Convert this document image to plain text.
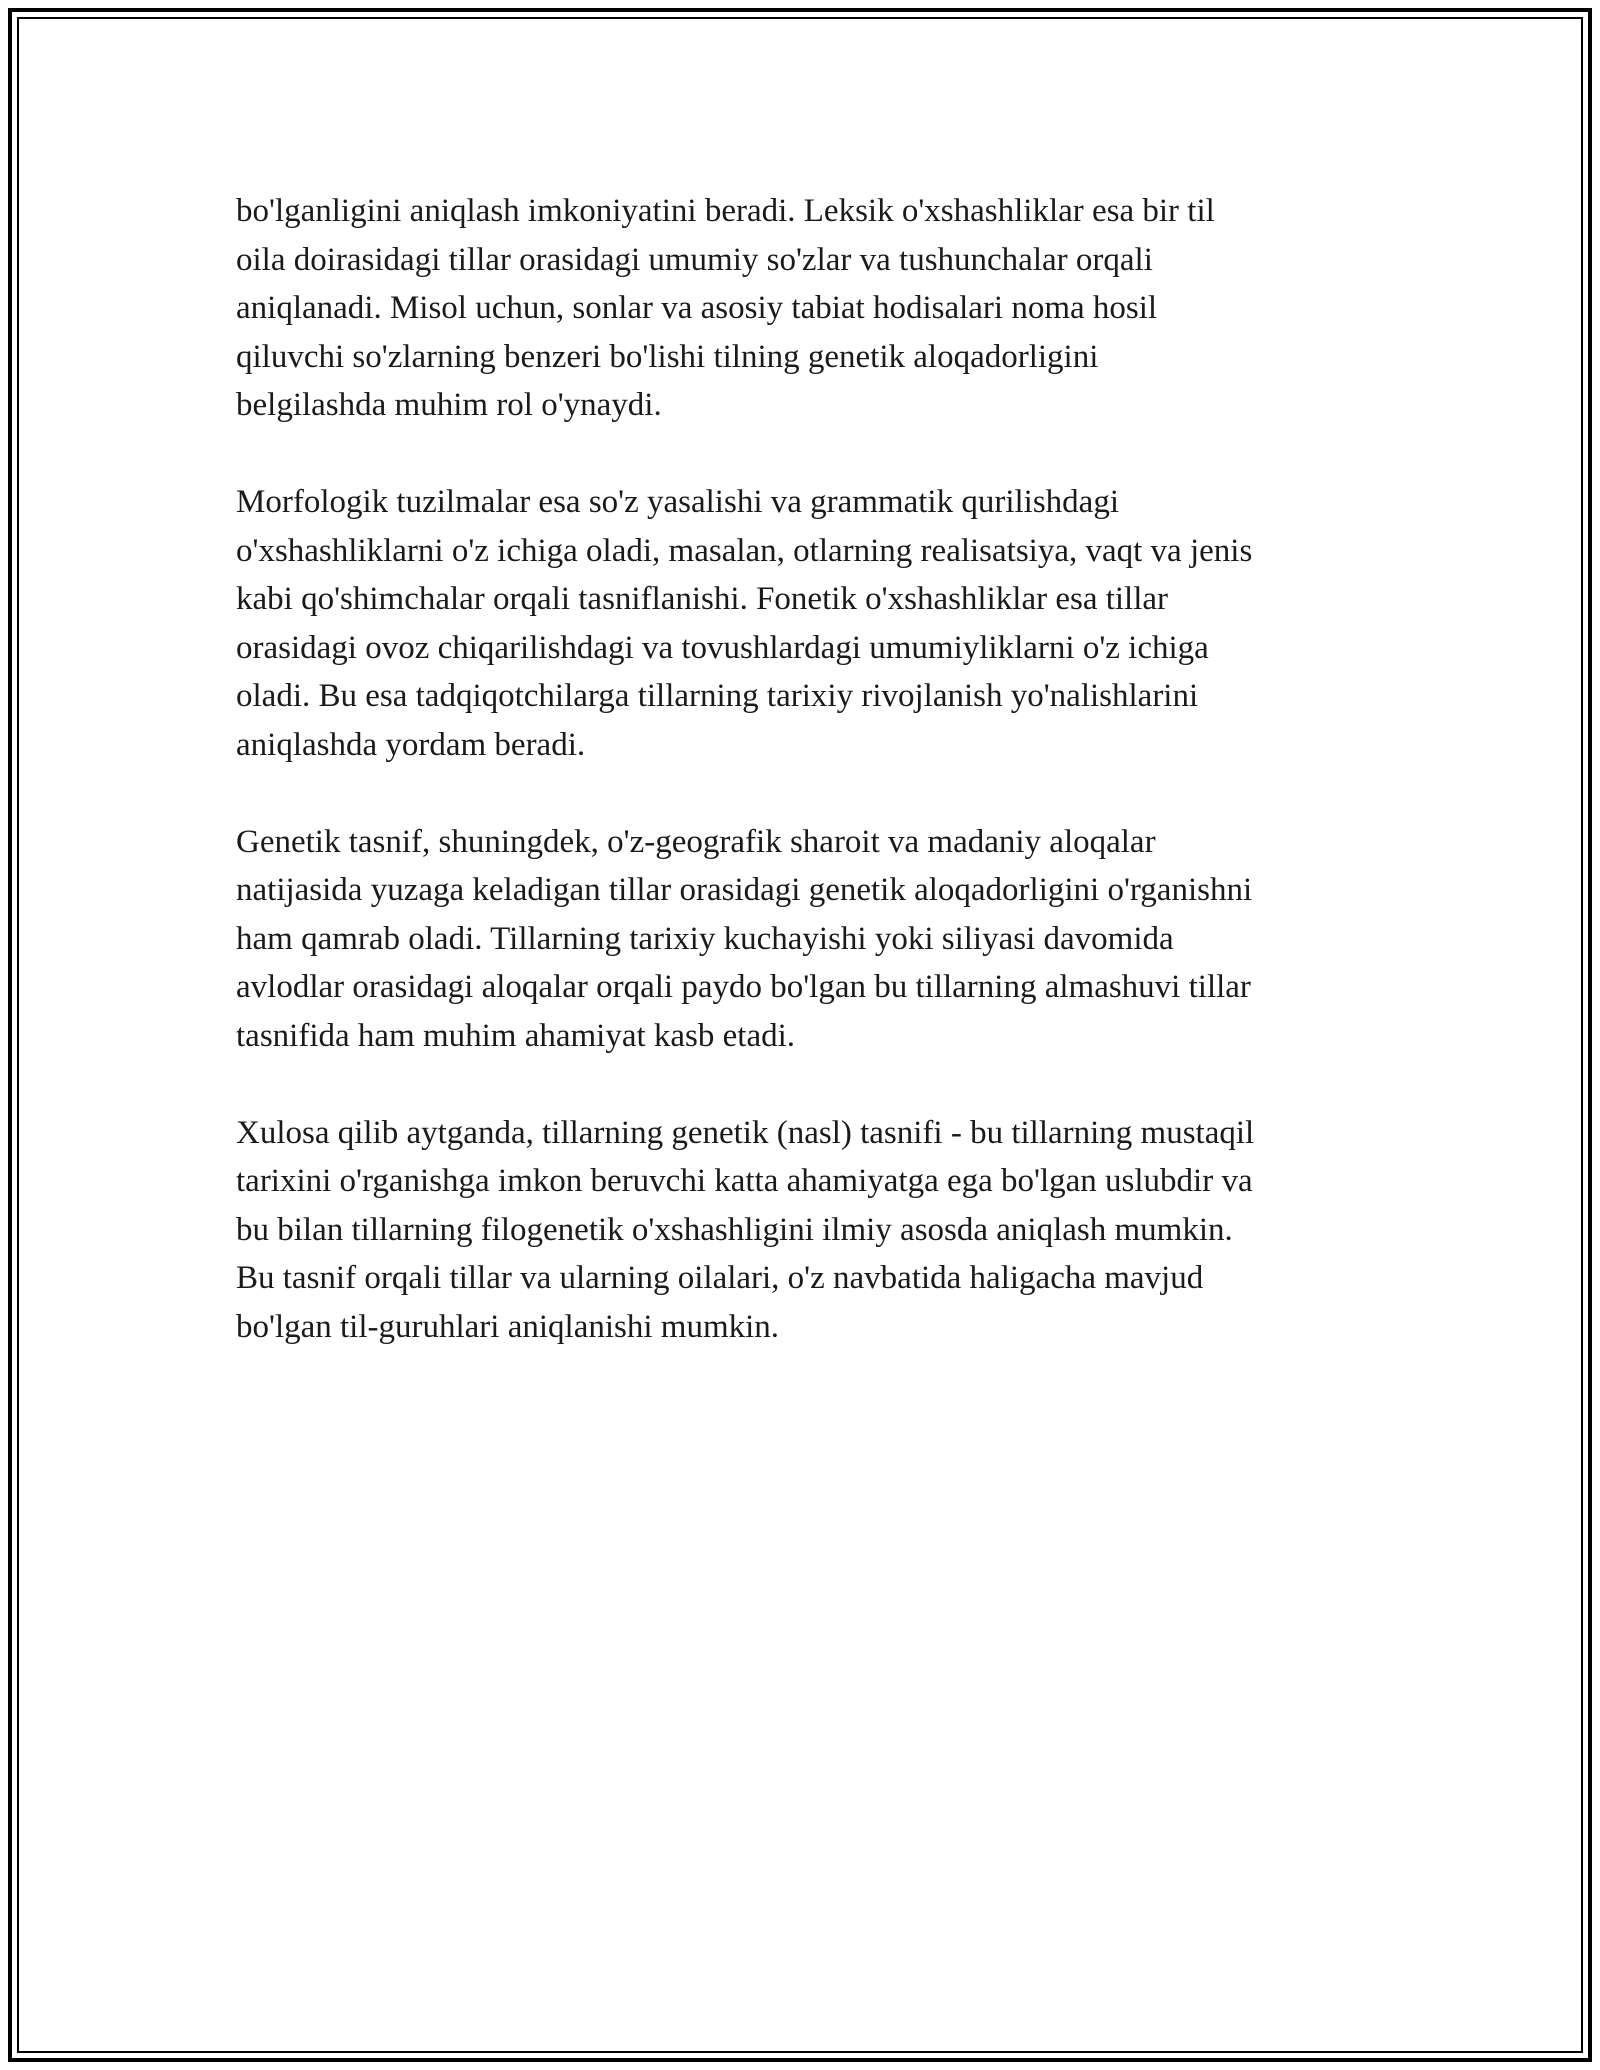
bo'lganligini aniqlash imkoniyatini beradi. Leksik o'xshashliklar esa bir til
oila doirasidagi tillar orasidagi umumiy so'zlar va tushunchalar orqali
aniqlanadi. Misol uchun, sonlar va asosiy tabiat hodisalari noma hosil
qiluvchi so'zlarning benzeri bo'lishi tilning genetik aloqadorligini
belgilashda muhim rol o'ynaydi.

Morfologik tuzilmalar esa so'z yasalishi va grammatik qurilishdagi
o'xshashliklarni o'z ichiga oladi, masalan, otlarning realisatsiya, vaqt va jenis
kabi qo'shimchalar orqali tasniflanishi. Fonetik o'xshashliklar esa tillar
orasidagi ovoz chiqarilishdagi va tovushlardagi umumiyliklarni o'z ichiga
oladi. Bu esa tadqiqotchilarga tillarning tarixiy rivojlanish yo'nalishlarini
aniqlashda yordam beradi.

Genetik tasnif, shuningdek, o'z-geografik sharoit va madaniy aloqalar
natijasida yuzaga keladigan tillar orasidagi genetik aloqadorligini o'rganishni
ham qamrab oladi. Tillarning tarixiy kuchayishi yoki siliyasi davomida
avlodlar orasidagi aloqalar orqali paydo bo'lgan bu tillarning almashuvi tillar
tasnifida ham muhim ahamiyat kasb etadi.

Xulosa qilib aytganda, tillarning genetik (nasl) tasnifi - bu tillarning mustaqil
tarixini o'rganishga imkon beruvchi katta ahamiyatga ega bo'lgan uslubdir va
bu bilan tillarning filogenetik o'xshashligini ilmiy asosda aniqlash mumkin.
Bu tasnif orqali tillar va ularning oilalari, o'z navbatida haligacha mavjud
bo'lgan til-guruhlari aniqlanishi mumkin.
